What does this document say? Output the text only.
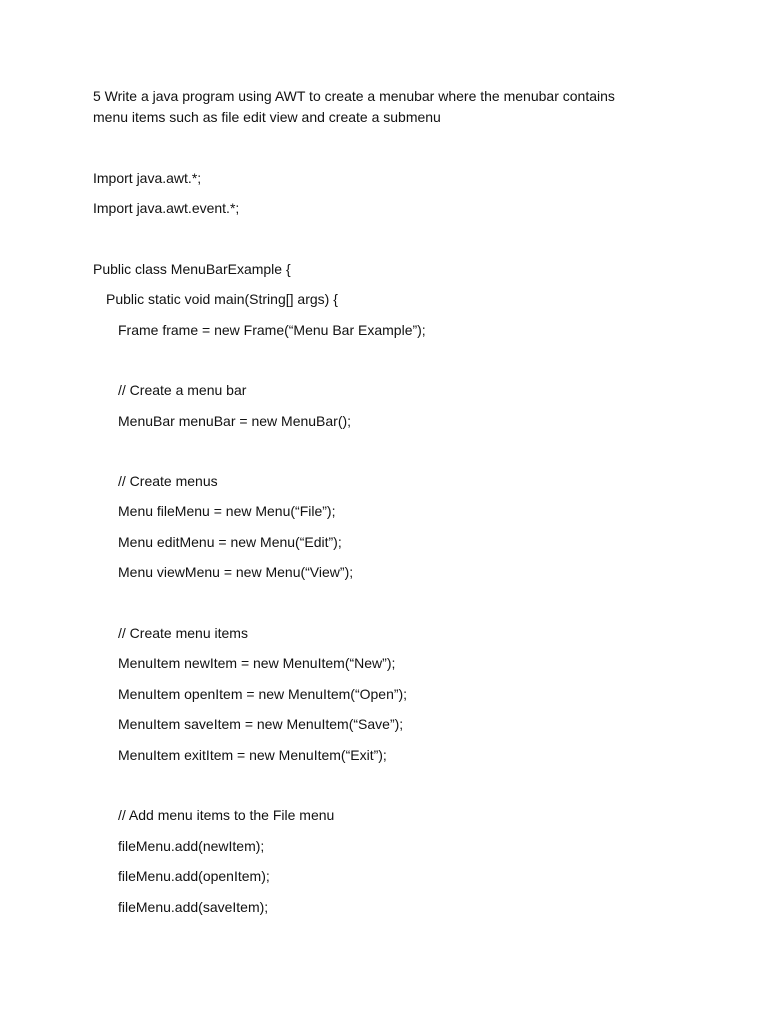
5 Write a java program using AWT to create a menubar where the menubar contains
menu items such as file edit view and create a submenu
Import java.awt.*;
Import java.awt.event.*;
Public class MenuBarExample {
Public static void main(String[] args) {
Frame frame = new Frame(“Menu Bar Example”);
// Create a menu bar
MenuBar menuBar = new MenuBar();
// Create menus
Menu fileMenu = new Menu(“File”);
Menu editMenu = new Menu(“Edit”);
Menu viewMenu = new Menu(“View”);
// Create menu items
MenuItem newItem = new MenuItem(“New”);
MenuItem openItem = new MenuItem(“Open”);
MenuItem saveItem = new MenuItem(“Save”);
MenuItem exitItem = new MenuItem(“Exit”);
// Add menu items to the File menu
fileMenu.add(newItem);
fileMenu.add(openItem);
fileMenu.add(saveItem);
